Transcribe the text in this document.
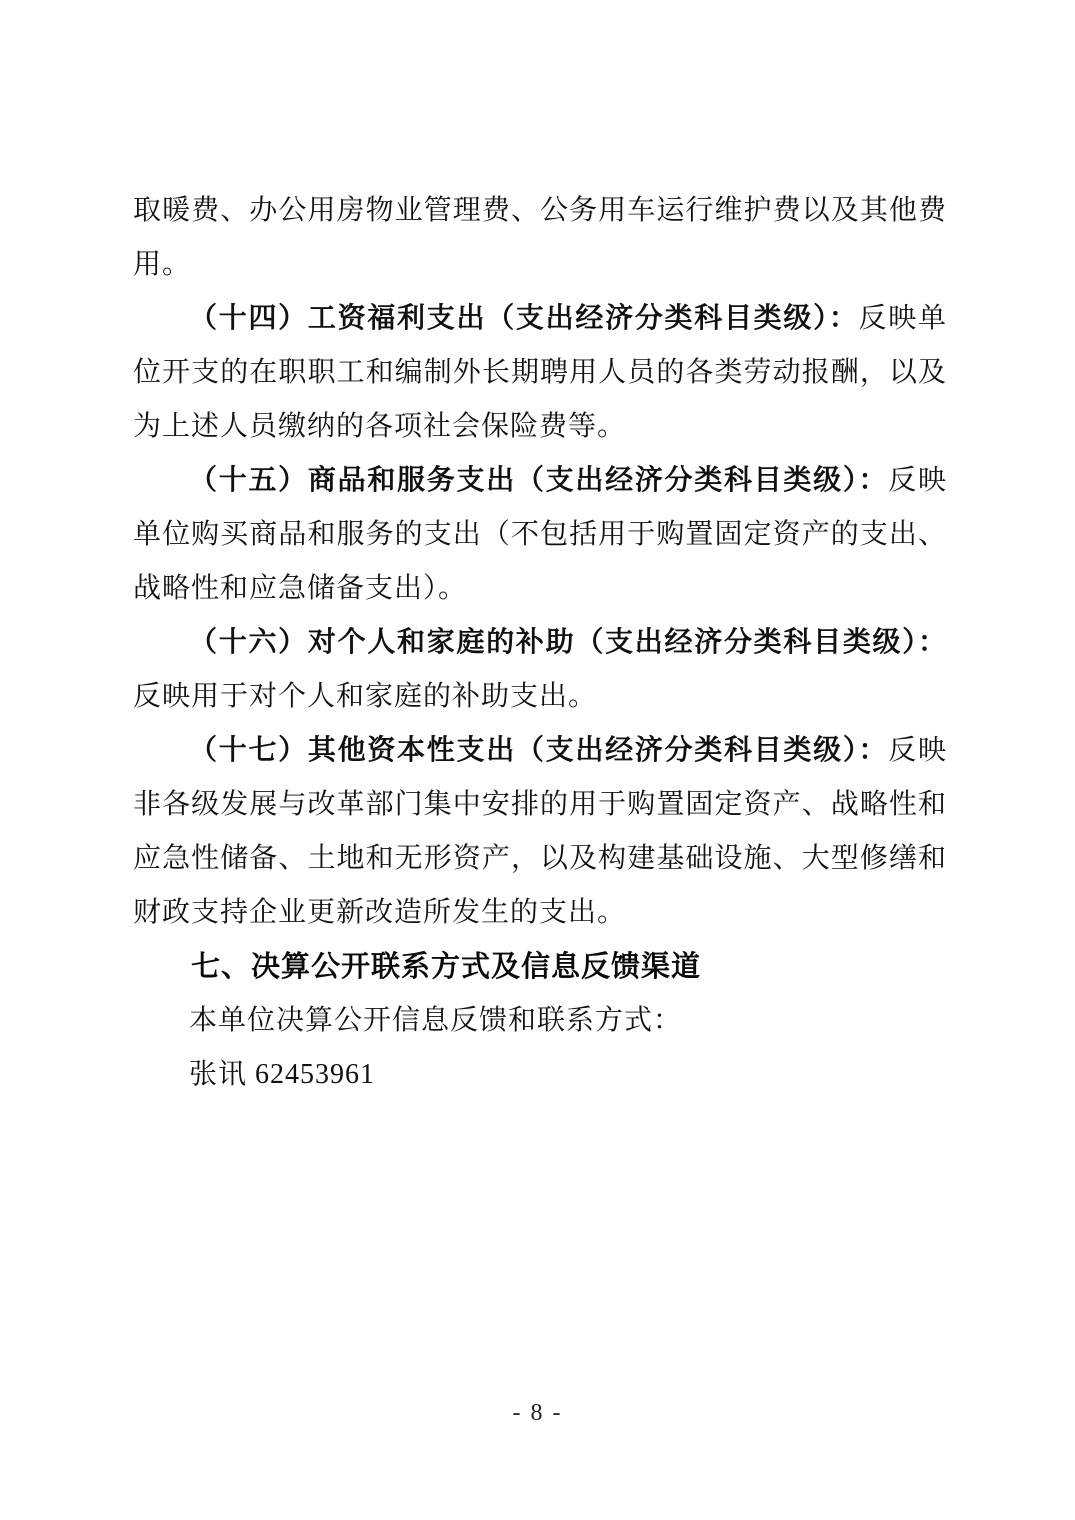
取暖费、办公用房物业管理费、公务用车运行维护费以及其他费用。

（十四）工资福利支出（支出经济分类科目类级）：反映单位开支的在职职工和编制外长期聘用人员的各类劳动报酬，以及为上述人员缴纳的各项社会保险费等。

（十五）商品和服务支出（支出经济分类科目类级）：反映单位购买商品和服务的支出（不包括用于购置固定资产的支出、战略性和应急储备支出）。

（十六）对个人和家庭的补助（支出经济分类科目类级）：反映用于对个人和家庭的补助支出。

（十七）其他资本性支出（支出经济分类科目类级）：反映非各级发展与改革部门集中安排的用于购置固定资产、战略性和应急性储备、土地和无形资产，以及构建基础设施、大型修缮和财政支持企业更新改造所发生的支出。

七、决算公开联系方式及信息反馈渠道

本单位决算公开信息反馈和联系方式：

张讯 62453961

- 8 -
